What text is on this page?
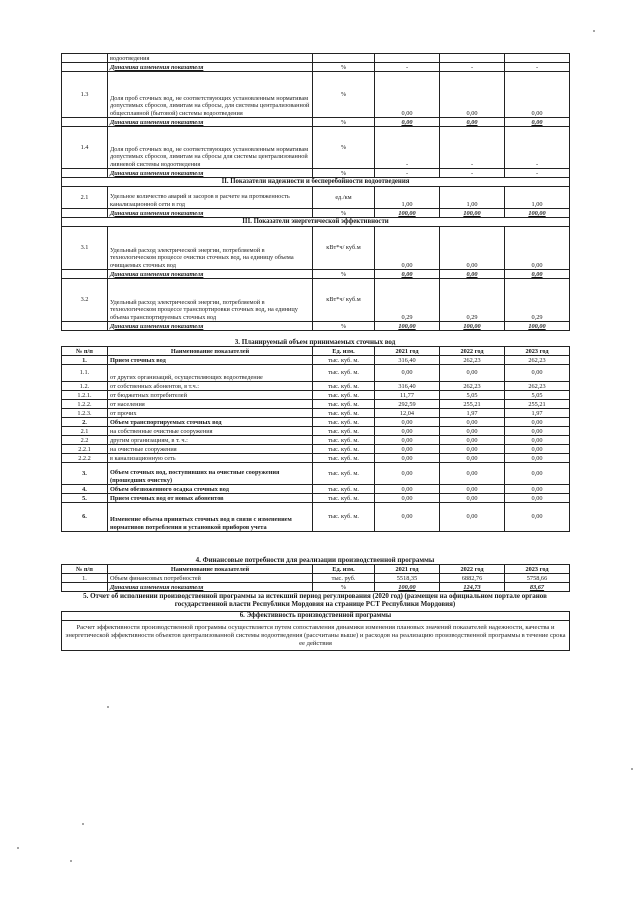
	водоотведения				
	Динамика изменения показателя	%	-	-	-
1.3	Доля проб сточных вод, не соответствующих установленным нормативам допустимых сбросов, лимитам на сбросы, для системы централизованной общесплавной (бытовой) системы водоотведения	%	0,00	0,00	0,00
	Динамика изменения показателя	%	0,00	0,00	0,00
1.4	Доля проб сточных вод, не соответствующих установленным нормативам допустимых сбросов, лимитам на сбросы для системы централизованной ливневой системы водоотведения	%	-	-	-
	Динамика изменения показателя	%	-	-	-
II. Показатели надежности и бесперебойности водоотведения					
2.1	Удельное количество аварий и засоров в расчете на протяженность канализационной сети в год	ед./км	1,00	1,00	1,00
	Динамика изменения показателя	%	100,00	100,00	100,00
III. Показатели энергетической эффективности					
3.1	Удельный расход электрической энергии, потребляемой в технологическом процессе очистки сточных вод, на единицу объема очищаемых сточных вод	кВт*ч/ куб.м	0,00	0,00	0,00
	Динамика изменения показателя	%	0,00	0,00	0,00
3.2	Удельный расход электрической энергии, потребляемой в технологическом процессе транспортировки сточных вод, на единицу объема транспортируемых сточных вод	кВт*ч/ куб.м	0,29	0,29	0,29
	Динамика изменения показателя	%	100,00	100,00	100,00
3. Планируемый объем принимаемых сточных вод
№ п/п	Наименование показателей	Ед. изм.	2021 год	2022 год	2023 год
1.	Прием сточных вод	тыс. куб. м.	316,40	262,23	262,23
1.1.	от других организаций, осуществляющих водоотведение	тыс. куб. м.	0,00	0,00	0,00
1.2.	от собственных абонентов, в т.ч.:	тыс. куб. м.	316,40	262,23	262,23
1.2.1.	от бюджетных потребителей	тыс. куб. м.	11,77	5,05	5,05
1.2.2.	от населения	тыс. куб. м.	292,59	255,21	255,21
1.2.3.	от прочих	тыс. куб. м.	12,04	1,97	1,97
2.	Объем транспортируемых сточных вод	тыс. куб. м.	0,00	0,00	0,00
2.1	на собственные очистные сооружения	тыс. куб. м.	0,00	0,00	0,00
2.2	другим организациям, в т. ч.:	тыс. куб. м.	0,00	0,00	0,00
2.2.1	на очистные сооружения	тыс. куб. м.	0,00	0,00	0,00
2.2.2	в канализационную сеть	тыс. куб. м.	0,00	0,00	0,00
3.	Объем сточных вод, поступивших на очистные сооружения (прошедших очистку)	тыс. куб. м.	0,00	0,00	0,00
4.	Объем обезвоженного осадка сточных вод	тыс. куб. м.	0,00	0,00	0,00
5.	Прием сточных вод от новых абонентов	тыс. куб. м.	0,00	0,00	0,00
6.	Изменение объема принятых сточных вод в связи с изменением нормативов потребления и установкой приборов учета	тыс. куб. м.	0,00	0,00	0,00
4. Финансовые потребности для реализации производственной программы
№ п/п	Наименование показателей	Ед. изм.	2021 год	2022 год	2023 год
1.	Объем финансовых потребностей	тыс. руб.	5518,35	6882,76	5758,66
	Динамика изменения показателя	%	100,00	124,73	83,67
5. Отчет об исполнении производственной программы за истекший период регулирования (2020 год) (размещен на официальном портале органов государственной власти Республики Мордовия на странице РСТ Республики Мордовия)
6. Эффективность производственной программы
Расчет эффективности производственной программы осуществляется путем сопоставления динамики изменения плановых значений показателей надежности, качества и энергетической эффективности объектов централизованной системы водоотведения (рассчитаны выше) и расходов на реализацию производственной программы в течение срока ее действия
